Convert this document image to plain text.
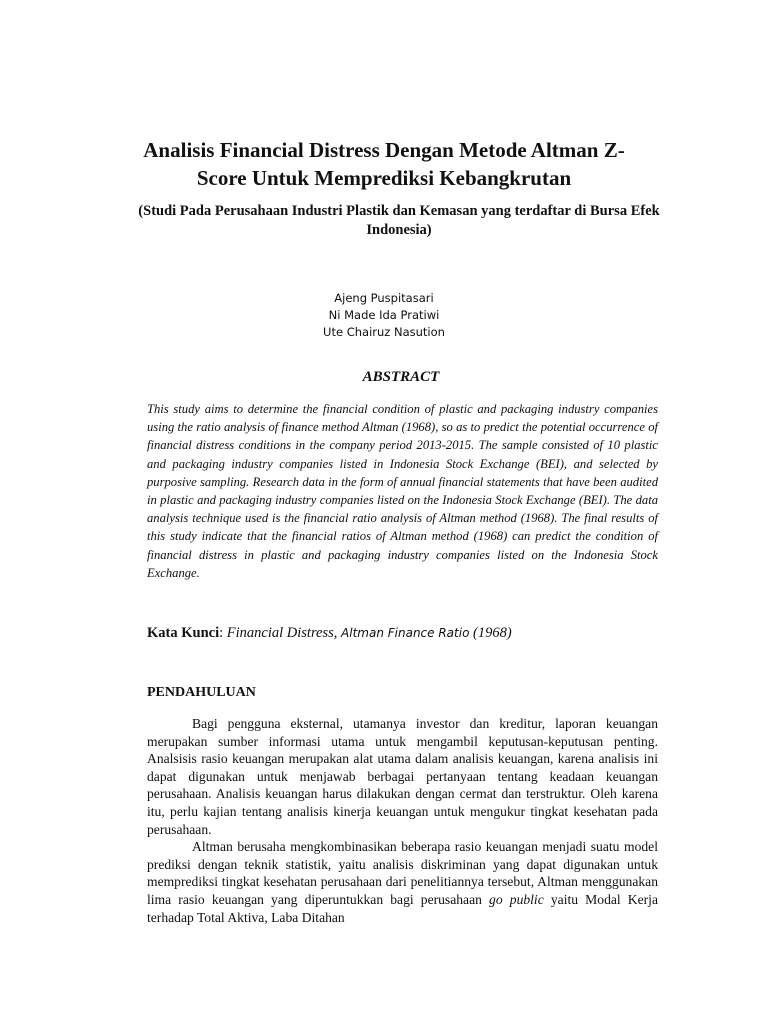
Analisis Financial Distress Dengan Metode Altman Z-Score Untuk Memprediksi Kebangkrutan
(Studi Pada Perusahaan Industri Plastik dan Kemasan yang terdaftar di Bursa Efek Indonesia)
Ajeng Puspitasari
Ni Made Ida Pratiwi
Ute Chairuz Nasution
ABSTRACT

This study aims to determine the financial condition of plastic and packaging industry companies using the ratio analysis of finance method Altman (1968), so as to predict the potential occurrence of financial distress conditions in the company period 2013-2015. The sample consisted of 10 plastic and packaging industry companies listed in Indonesia Stock Exchange (BEI), and selected by purposive sampling. Research data in the form of annual financial statements that have been audited in plastic and packaging industry companies listed on the Indonesia Stock Exchange (BEI). The data analysis technique used is the financial ratio analysis of Altman method (1968). The final results of this study indicate that the financial ratios of Altman method (1968) can predict the condition of financial distress in plastic and packaging industry companies listed on the Indonesia Stock Exchange.

Kata Kunci: Financial Distress, Altman Finance Ratio (1968)

PENDAHULUAN

Bagi pengguna eksternal, utamanya investor dan kreditur, laporan keuangan merupakan sumber informasi utama untuk mengambil keputusan-keputusan penting. Analsisis rasio keuangan merupakan alat utama dalam analisis keuangan, karena analisis ini dapat digunakan untuk menjawab berbagai pertanyaan tentang keadaan keuangan perusahaan. Analisis keuangan harus dilakukan dengan cermat dan terstruktur. Oleh karena itu, perlu kajian tentang analisis kinerja keuangan untuk mengukur tingkat kesehatan pada perusahaan.

Altman berusaha mengkombinasikan beberapa rasio keuangan menjadi suatu model prediksi dengan teknik statistik, yaitu analisis diskriminan yang dapat digunakan untuk memprediksi tingkat kesehatan perusahaan dari penelitiannya tersebut, Altman menggunakan lima rasio keuangan yang diperuntukkan bagi perusahaan go public yaitu Modal Kerja terhadap Total Aktiva, Laba Ditahan
